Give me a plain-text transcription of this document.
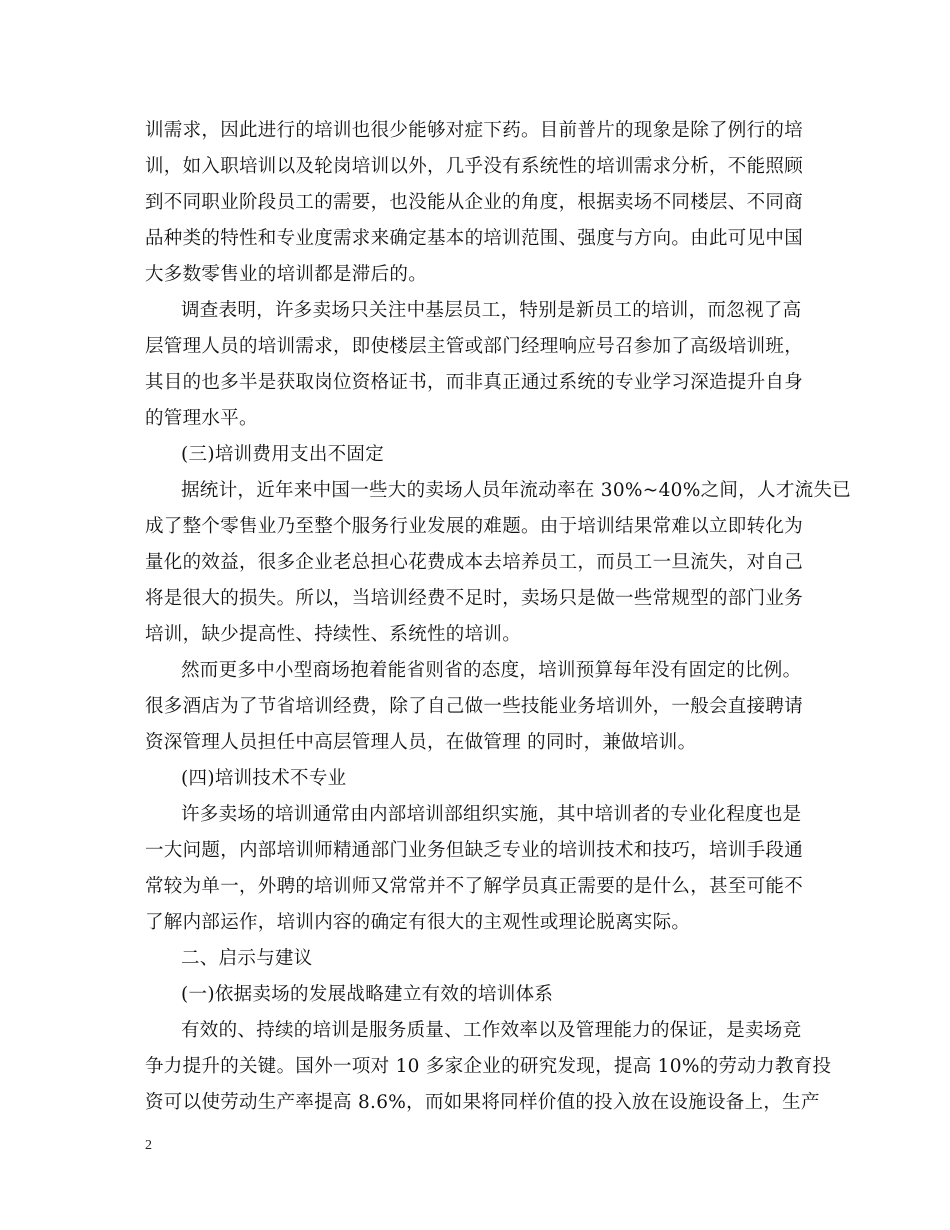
训需求，因此进行的培训也很少能够对症下药。目前普片的现象是除了例行的培
训，如入职培训以及轮岗培训以外，几乎没有系统性的培训需求分析，不能照顾
到不同职业阶段员工的需要，也没能从企业的角度，根据卖场不同楼层、不同商
品种类的特性和专业度需求来确定基本的培训范围、强度与方向。由此可见中国
大多数零售业的培训都是滞后的。
调查表明，许多卖场只关注中基层员工，特别是新员工的培训，而忽视了高
层管理人员的培训需求，即使楼层主管或部门经理响应号召参加了高级培训班，
其目的也多半是获取岗位资格证书，而非真正通过系统的专业学习深造提升自身
的管理水平。
(三)培训费用支出不固定
据统计，近年来中国一些大的卖场人员年流动率在 30%~40%之间，人才流失已
成了整个零售业乃至整个服务行业发展的难题。由于培训结果常难以立即转化为
量化的效益，很多企业老总担心花费成本去培养员工，而员工一旦流失，对自己
将是很大的损失。所以，当培训经费不足时，卖场只是做一些常规型的部门业务
培训，缺少提高性、持续性、系统性的培训。
然而更多中小型商场抱着能省则省的态度，培训预算每年没有固定的比例。
很多酒店为了节省培训经费，除了自己做一些技能业务培训外，一般会直接聘请
资深管理人员担任中高层管理人员，在做管理 的同时，兼做培训。
(四)培训技术不专业
许多卖场的培训通常由内部培训部组织实施，其中培训者的专业化程度也是
一大问题，内部培训师精通部门业务但缺乏专业的培训技术和技巧，培训手段通
常较为单一，外聘的培训师又常常并不了解学员真正需要的是什么，甚至可能不
了解内部运作，培训内容的确定有很大的主观性或理论脱离实际。
二、启示与建议
(一)依据卖场的发展战略建立有效的培训体系
有效的、持续的培训是服务质量、工作效率以及管理能力的保证，是卖场竞
争力提升的关键。国外一项对 10 多家企业的研究发现，提高 10%的劳动力教育投
资可以使劳动生产率提高 8.6%，而如果将同样价值的投入放在设施设备上，生产
2
